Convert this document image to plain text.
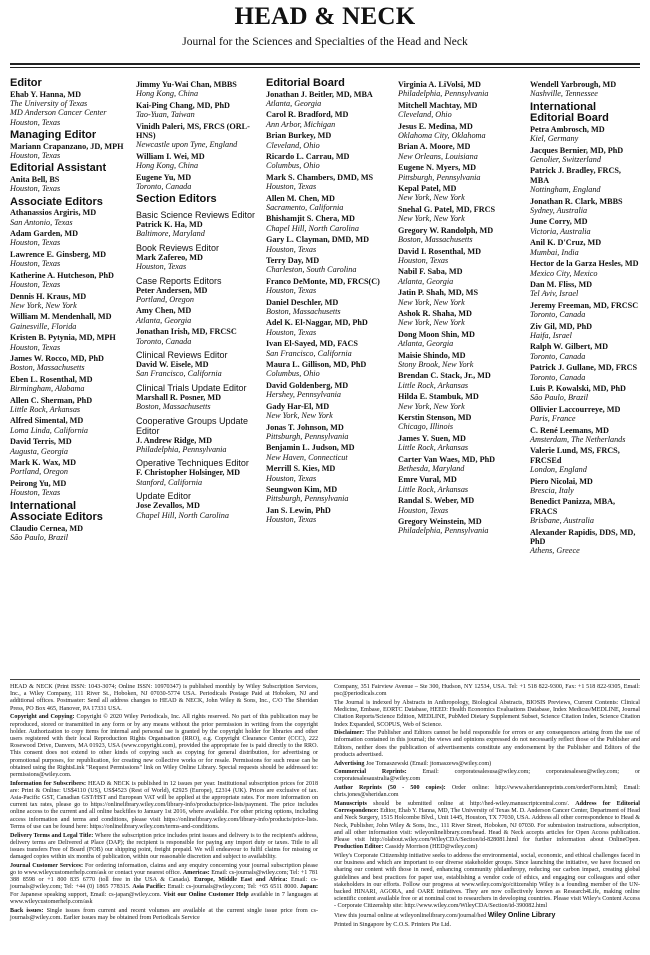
HEAD & NECK
Journal for the Sciences and Specialties of the Head and Neck
Editor
Ehab Y. Hanna, MD
The University of Texas
MD Anderson Cancer Center
Houston, Texas
Managing Editor
Mariann Crapanzano, JD, MPH
Houston, Texas
Editorial Assistant
Anita Bell, BS
Houston, Texas
Associate Editors
Athanassios Argiris, MD
San Antonio, Texas
Adam Garden, MD
Houston, Texas
Lawrence E. Ginsberg, MD
Houston, Texas
Katherine A. Hutcheson, PhD
Houston, Texas
Dennis H. Kraus, MD
New York, New York
William M. Mendenhall, MD
Gainesville, Florida
Kristen B. Pytynia, MD, MPH
Houston, Texas
James W. Rocco, MD, PhD
Boston, Massachusetts
Eben L. Rosenthal, MD
Birmingham, Alabama
Allen C. Sherman, PhD
Little Rock, Arkansas
Alfred Simental, MD
Loma Linda, California
David Terris, MD
Augusta, Georgia
Mark K. Wax, MD
Portland, Oregon
Peirong Yu, MD
Houston, Texas
International Associate Editors
Claudio Cernea, MD
São Paulo, Brazil
Jimmy Yu-Wai Chan, MBBS
Hong Kong, China
Kai-Ping Chang, MD, PhD
Tao-Yuan, Taiwan
Vinidh Paleri, MS, FRCS (ORL-HNS)
Newcastle upon Tyne, England
William I. Wei, MD
Hong Kong, China
Eugene Yu, MD
Toronto, Canada
Section Editors
Basic Science Reviews Editor
Patrick K. Ha, MD
Baltimore, Maryland
Book Reviews Editor
Mark Zafereo, MD
Houston, Texas
Case Reports Editors
Peter Andersen, MD
Portland, Oregon
Amy Chen, MD
Atlanta, Georgia
Jonathan Irish, MD, FRCSC
Toronto, Canada
Clinical Reviews Editor
David W. Eisele, MD
San Francisco, California
Clinical Trials Update Editor
Marshall R. Posner, MD
Boston, Massachusetts
Cooperative Groups Update Editor
J. Andrew Ridge, MD
Philadelphia, Pennsylvania
Operative Techniques Editor
F. Christopher Holsinger, MD
Stanford, California
Update Editor
Jose Zevallos, MD
Chapel Hill, North Carolina
Editorial Board
Jonathan J. Beitler, MD, MBA
Atlanta, Georgia
Carol R. Bradford, MD
Ann Arbor, Michigan
Brian Burkey, MD
Cleveland, Ohio
Ricardo L. Carrau, MD
Columbus, Ohio
Mark S. Chambers, DMD, MS
Houston, Texas
Allen M. Chen, MD
Sacramento, California
Bhishamjit S. Chera, MD
Chapel Hill, North Carolina
Gary L. Clayman, DMD, MD
Houston, Texas
Terry Day, MD
Charleston, South Carolina
Franco DeMonte, MD, FRCS(C)
Houston, Texas
Daniel Deschler, MD
Boston, Massachusetts
Adel K. El-Naggar, MD, PhD
Houston, Texas
Ivan El-Sayed, MD, FACS
San Francisco, California
Maura L. Gillison, MD, PhD
Columbus, Ohio
David Goldenberg, MD
Hershey, Pennsylvania
Gady Har-El, MD
New York, New York
Jonas T. Johnson, MD
Pittsburgh, Pennsylvania
Benjamin L. Judson, MD
New Haven, Connecticut
Merrill S. Kies, MD
Houston, Texas
Seungwon Kim, MD
Pittsburgh, Pennsylvania
Jan S. Lewin, PhD
Houston, Texas
Virginia A. LiVolsi, MD
Philadelphia, Pennsylvania
Mitchell Machtay, MD
Cleveland, Ohio
Jesus E. Medina, MD
Oklahoma City, Oklahoma
Brian A. Moore, MD
New Orleans, Louisiana
Eugene N. Myers, MD
Pittsburgh, Pennsylvania
Kepal Patel, MD
New York, New York
Snehal G. Patel, MD, FRCS
New York, New York
Gregory W. Randolph, MD
Boston, Massachusetts
David I. Rosenthal, MD
Houston, Texas
Nabil F. Saba, MD
Atlanta, Georgia
Jatin P. Shah, MD, MS
New York, New York
Ashok R. Shaha, MD
New York, New York
Dong Moon Shin, MD
Atlanta, Georgia
Maisie Shindo, MD
Stony Brook, New York
Brendan C. Stack, Jr., MD
Little Rock, Arkansas
Hilda E. Stambuk, MD
New York, New York
Kerstin Stenson, MD
Chicago, Illinois
James Y. Suen, MD
Little Rock, Arkansas
Carter Van Waes, MD, PhD
Bethesda, Maryland
Emre Vural, MD
Little Rock, Arkansas
Randal S. Weber, MD
Houston, Texas
Gregory Weinstein, MD
Philadelphia, Pennsylvania
Wendell Yarbrough, MD
Nashville, Tennessee
International Editorial Board
Petra Ambrosch, MD
Kiel, Germany
Jacques Bernier, MD, PhD
Genolier, Switzerland
Patrick J. Bradley, FRCS, MBA
Nottingham, England
Jonathan R. Clark, MBBS
Sydney, Australia
June Corry, MD
Victoria, Australia
Anil K. D'Cruz, MD
Mumbai, India
Hector de la Garza Hesles, MD
Mexico City, Mexico
Dan M. Fliss, MD
Tel Aviv, Israel
Jeremy Freeman, MD, FRCSC
Toronto, Canada
Ziv Gil, MD, PhD
Haifa, Israel
Ralph W. Gilbert, MD
Toronto, Canada
Patrick J. Gullane, MD, FRCS
Toronto, Canada
Luis P. Kowalski, MD, PhD
São Paulo, Brazil
Ollivier Laccourreye, MD
Paris, France
C. René Leemans, MD
Amsterdam, The Netherlands
Valerie Lund, MS, FRCS, FRCSEd
London, England
Piero Nicolai, MD
Brescia, Italy
Benedict Panizza, MBA, FRACS
Brisbane, Australia
Alexander Rapidis, DDS, MD, PhD
Athens, Greece

HEAD & NECK (Print ISSN: 1043-3074; Online ISSN: 10970347) is published monthly by Wiley Subscription Services, Inc., a Wiley Company, 111 River St., Hoboken, NJ 07030-5774 USA. Periodicals Postage Paid at Hoboken, NJ and additional offices. Postmaster: Send all address changes to HEAD & NECK, John Wiley & Sons, Inc., C/O The Sheridan Press, PO Box 465, Hanover, PA 17331 USA.

Copyright and Copying: Copyright © 2020 Wiley Periodicals, Inc. All rights reserved. No part of this publication may be reproduced, stored or transmitted in any form or by any means without the prior permission in writing from the copyright holder. Authorization to copy items for internal and personal use is granted by the copyright holder for libraries and other users registered with their local Reproduction Rights Organisation (RRO), e.g. Copyright Clearance Center (CCC), 222 Rosewood Drive, Danvers, MA 01923, USA (www.copyright.com), provided the appropriate fee is paid directly to the RRO. This consent does not extend to other kinds of copying such as copying for general distribution, for advertising or promotional purposes, for republication, for creating new collective works or for resale. Permissions for such reuse can be obtained using the RightsLink "Request Permissions" link on Wiley Online Library. Special requests should be addressed to: permissions@wiley.com.

Information for Subscribers: HEAD & NECK is published in 12 issues per year. Institutional subscription prices for 2018 are: Print & Online: US$4110 (US), US$4523 (Rest of World), €2925 (Europe), £2314 (UK). Prices are exclusive of tax. Asia-Pacific GST, Canadian GST/HST and European VAT will be applied at the appropriate rates. For more information on current tax rates, please go to https://onlinelibrary.wiley.com/library-info/products/price-lists/payment. The price includes online access to the current and all online backfiles to January 1st 2016, where available. For other pricing options, including access information and terms and conditions, please visit https://onlinelibrary.wiley.com/library-info/products/price-lists. Terms of use can be found here: https://onlinelibrary.wiley.com/terms-and-conditions.

Delivery Terms and Legal Title: Where the subscription price includes print issues and delivery is to the recipient's address, delivery terms are Delivered at Place (DAP); the recipient is responsible for paying any import duty or taxes. Title to all issues transfers Free of Board (FOB) our shipping point, freight prepaid. We will endeavour to fulfil claims for missing or damaged copies within six months of publication, within our reasonable discretion and subject to availability.

Journal Customer Services: For ordering information, claims and any enquiry concerning your journal subscription please go to www.wileycustomerhelp.com/ask or contact your nearest office. Americas: Email: cs-journals@wiley.com; Tel: +1 781 388 8598 or +1 800 835 6770 (toll free in the USA & Canada). Europe, Middle East and Africa: Email: cs-journals@wiley.com; Tel: +44 (0) 1865 778315. Asia Pacific: Email: cs-journals@wiley.com; Tel: +65 6511 8000. Japan: For Japanese speaking support, Email: cs-japan@wiley.com. Visit our Online Customer Help available in 7 languages at www.wileycustomerhelp.com/ask

Back issues: Single issues from current and recent volumes are available at the current single issue price from cs-journals@wiley.com. Earlier issues may be obtained from Periodicals Service

Company, 351 Fairview Avenue – Ste 300, Hudson, NY 12534, USA. Tel: +1 518 822-9300, Fax: +1 518 822-9305, Email: psc@periodicals.com

The Journal is indexed by Abstracts in Anthropology, Biological Abstracts, BIOSIS Previews, Current Contents: Clinical Medicine, Embase, EORTC Database, HEED: Health Economics Evaluations Database, Index Medicus/MEDLINE, Journal Citation Reports/Science Edition, MEDLINE, PubMed Dietary Supplement Subset, Science Citation Index, Science Citation Index Expanded, SCOPUS, Web of Science.

Disclaimer: The Publisher and Editors cannot be held responsible for errors or any consequences arising from the use of information contained in this journal; the views and opinions expressed do not necessarily reflect those of the Publisher and Editors, neither does the publication of advertisements constitute any endorsement by the Publisher and Editors of the products advertised.

Advertising Joe Tomaszewski (Email: jtomaszews@wiley.com)

Commercial Reprints: Email: corporatesalesusa@wiley.com; corporatesaleseu@wiley.com; or corporatesalesaustralia@wiley.com

Author Reprints (50 - 500 copies): Order online: http://www.sheridanreprints.com/orderForm.html; Email: chris.jones@sheridan.com

Manuscripts should be submitted online at http://hed-wiley.manuscriptcentral.com/. Address for Editorial Correspondence: Editor, Ehab Y. Hanna, MD, The University of Texas M. D. Anderson Cancer Center, Department of Head and Neck Surgery, 1515 Holcombe Blvd., Unit 1445, Houston, TX 77030, USA. Address all other correspondence to Head & Neck, Publisher, John Wiley & Sons, Inc., 111 River Street, Hoboken, NJ 07030. For submission instructions, subscription, and all other information visit: wileyonlinelibrary.com/head. Head & Neck accepts articles for Open Access publication. Please visit http://olabout.wiley.com/WileyCDA/Section/id-828081.html for further information about OnlineOpen. Production Editor: Cassidy Morrison (HED@wiley.com)

Wiley's Corporate Citizenship initiative seeks to address the environmental, social, economic, and ethical challenges faced in our business and which are important to our diverse stakeholder groups. Since launching the initiative, we have focused on sharing our content with those in need, enhancing community philanthropy, reducing our carbon impact, creating global guidelines and best practices for paper use, establishing a vendor code of ethics, and engaging our colleagues and other stakeholders in our efforts. Follow our progress at www.wiley.com/go/citizenship Wiley is a founding member of the UN-backed HINARI, AGORA, and OARE initiatives. They are now collectively known as Research4Life, making online scientific content available free or at nominal cost to researchers in developing countries. Please visit Wiley's Content Access - Corporate Citizenship site: http://www.wiley.com/WileyCDA/Section/id-390082.html

View this journal online at wileyonlinelibrary.com/journal/hed Wiley Online Library

Printed in Singapore by C.O.S. Printers Pte Ltd.
